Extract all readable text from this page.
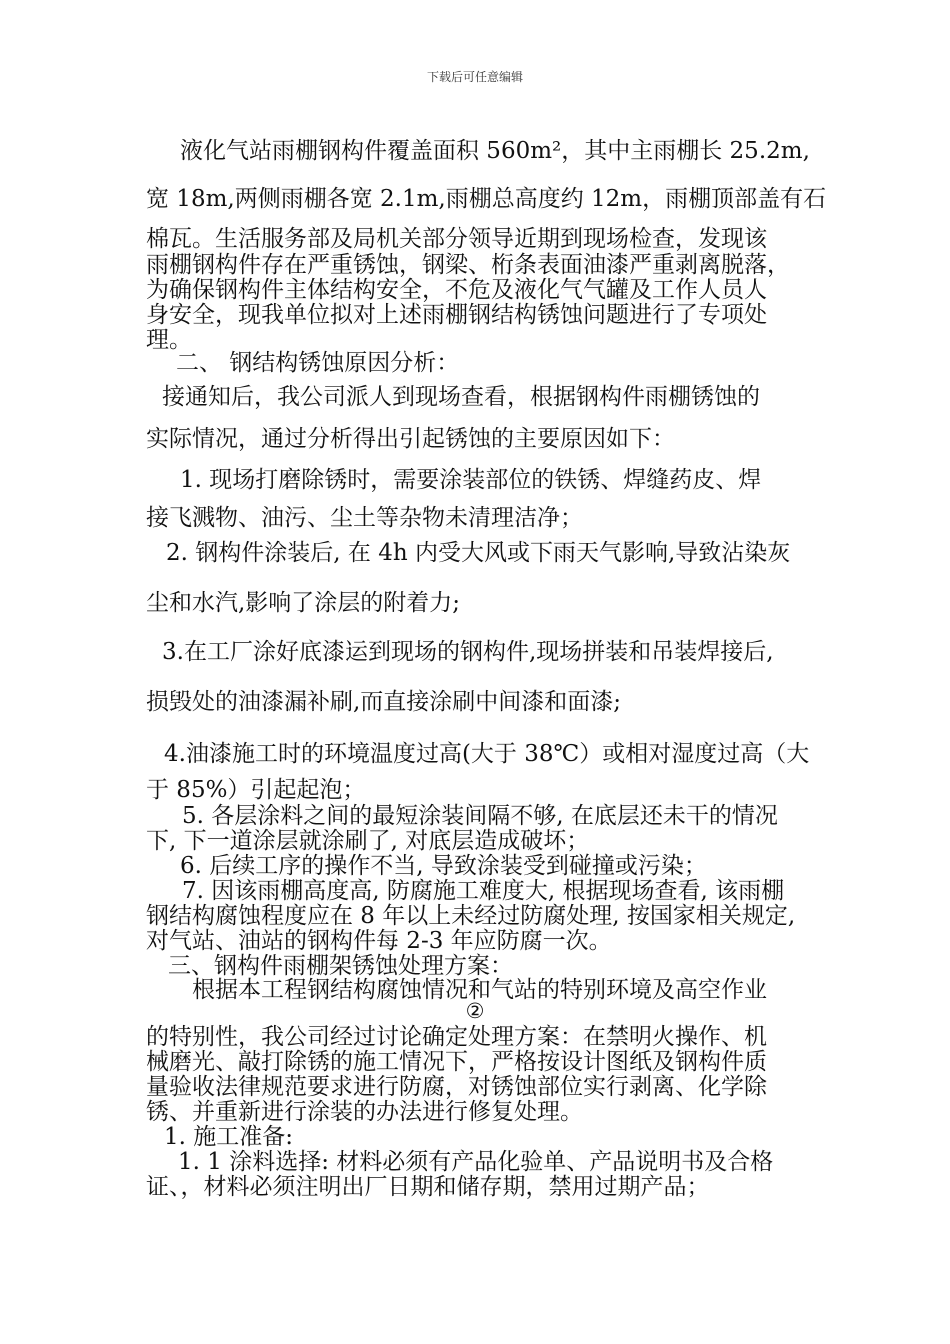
下载后可任意编辑
液化气站雨棚钢构件覆盖面积 560m²，其中主雨棚长 25.2m,
宽 18m,两侧雨棚各宽 2.1m,雨棚总高度约 12m，雨棚顶部盖有石
棉瓦。生活服务部及局机关部分领导近期到现场检查，发现该
雨棚钢构件存在严重锈蚀，钢梁、桁条表面油漆严重剥离脱落，
为确保钢构件主体结构安全，不危及液化气气罐及工作人员人
身安全，现我单位拟对上述雨棚钢结构锈蚀问题进行了专项处
理。
二、 钢结构锈蚀原因分析：
接通知后，我公司派人到现场查看，根据钢构件雨棚锈蚀的
实际情况，通过分析得出引起锈蚀的主要原因如下：
1. 现场打磨除锈时，需要涂装部位的铁锈、焊缝药皮、焊
接飞溅物、油污、尘土等杂物未清理洁净；
2. 钢构件涂装后, 在 4h 内受大风或下雨天气影响,导致沾染灰
尘和水汽,影响了涂层的附着力;
3.在工厂涂好底漆运到现场的钢构件,现场拼装和吊装焊接后,
损毁处的油漆漏补刷,而直接涂刷中间漆和面漆;
4.油漆施工时的环境温度过高(大于 38℃）或相对湿度过高（大
于 85%）引起起泡；
5. 各层涂料之间的最短涂装间隔不够, 在底层还未干的情况
下, 下一道涂层就涂刷了, 对底层造成破坏；
6. 后续工序的操作不当, 导致涂装受到碰撞或污染；
7. 因该雨棚高度高, 防腐施工难度大, 根据现场查看, 该雨棚
钢结构腐蚀程度应在 8 年以上未经过防腐处理, 按国家相关规定,
对气站、油站的钢构件每 2-3 年应防腐一次。
三、钢构件雨棚架锈蚀处理方案：
根据本工程钢结构腐蚀情况和气站的特别环境及高空作业
②
的特别性，我公司经过讨论确定处理方案：在禁明火操作、机
械磨光、敲打除锈的施工情况下，严格按设计图纸及钢构件质
量验收法律规范要求进行防腐，对锈蚀部位实行剥离、化学除
锈、并重新进行涂装的办法进行修复处理。
1. 施工准备:
1. 1 涂料选择: 材料必须有产品化验单、产品说明书及合格
证、，材料必须注明出厂日期和储存期，禁用过期产品；
